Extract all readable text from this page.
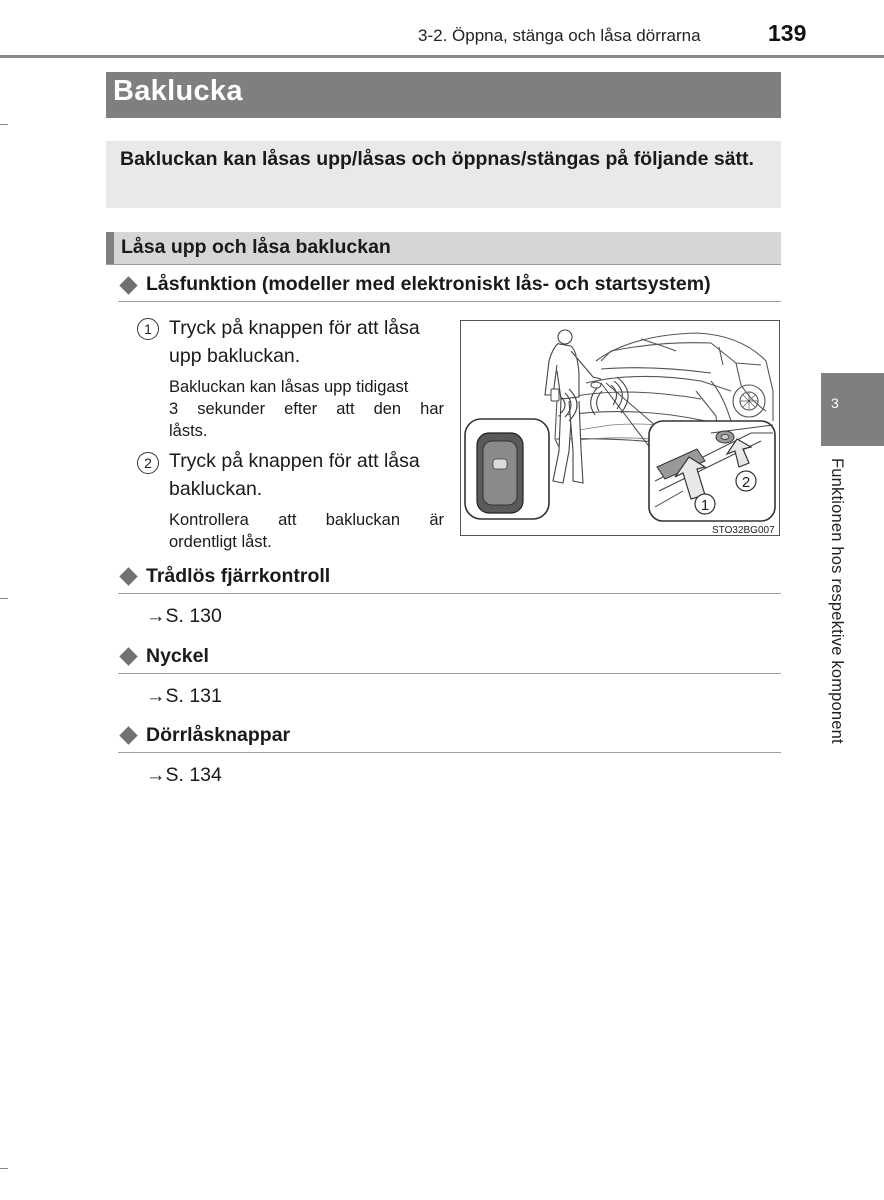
3-2. Öppna, stänga och låsa dörrarna	139
Baklucka
Bakluckan kan låsas upp/låsas och öppnas/stängas på följande sätt.
Låsa upp och låsa bakluckan
Låsfunktion (modeller med elektroniskt lås- och startsystem)
1 Tryck på knappen för att låsa
upp bakluckan.
Bakluckan kan låsas upp tidigast
3 sekunder efter att den har
låsts.
2 Tryck på knappen för att låsa
bakluckan.
Kontrollera att bakluckan är
ordentligt låst.
1
2
STO32BG007
Trådlös fjärrkontroll
→S. 130
Nyckel
→S. 131
Dörrlåsknappar
→S. 134
3
Funktionen hos respektive komponent
